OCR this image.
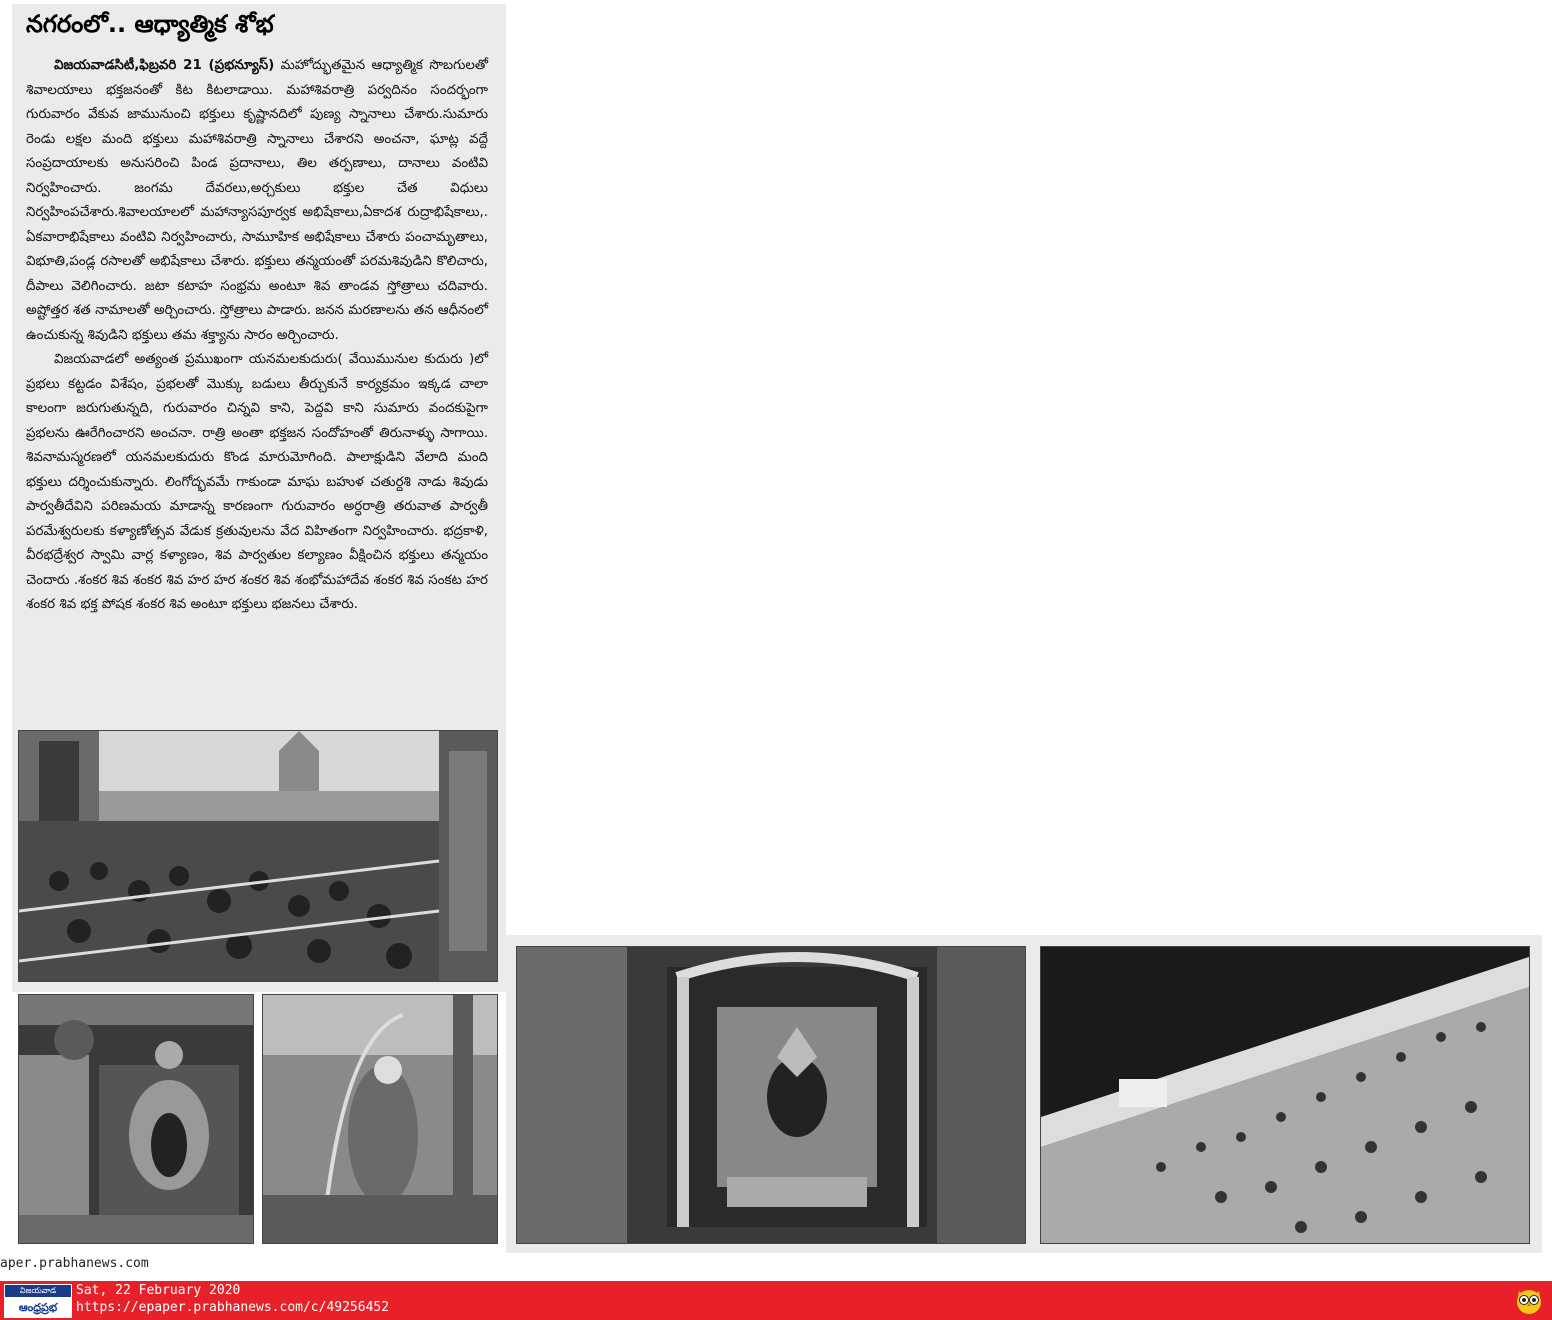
నగరంలో.. ఆధ్యాత్మిక శోభ

విజయవాడసిటీ,ఫిబ్రవరి 21 (ప్రభన్యూస్) మహోద్భుతమైన ఆధ్యాత్మిక సొబగులతో శివాలయాలు భక్తజనంతో కిట కిటలాడాయి. మహాశివరాత్రి పర్వదినం సందర్భంగా గురువారం వేకువ జామునుంచి భక్తులు కృష్ణానదిలో పుణ్య స్నానాలు చేశారు.సుమారు రెండు లక్షల మంది భక్తులు మహాశివరాత్రి స్నానాలు చేశారని అంచనా, ఘాట్ల వద్దే సంప్రదాయాలకు అనుసరించి పిండ ప్రదానాలు, తిల తర్పణాలు, దానాలు వంటివి నిర్వహించారు. జంగమ దేవరలు,అర్చకులు భక్తుల చేత విధులు నిర్వహింపచేశారు.శివాలయాలలో మహాన్యాసపూర్వక అభిషేకాలు,ఏకాదశ రుద్రాభిషేకాలు,. ఏకవారాభిషేకాలు వంటివి నిర్వహించారు, సామూహిక అభిషేకాలు చేశారు పంచామృతాలు, విభూతి,పండ్ల రసాలతో అభిషేకాలు చేశారు. భక్తులు తన్మయంతో పరమశివుడిని కొలిచారు, దీపాలు వెలిగించారు. జటా కటాహ సంభ్రమ అంటూ శివ తాండవ స్తోత్రాలు చదివారు. అష్టోత్తర శత నామాలతో అర్చించారు. స్తోత్రాలు పాడారు. జనన మరణాలను తన ఆధీనంలో ఉంచుకున్న శివుడిని భక్తులు తమ శక్త్యాను సారం అర్చించారు.

విజయవాడలో అత్యంత ప్రముఖంగా యనమలకుదురు( వేయిమునుల కుదురు )లో ప్రభలు కట్టడం విశేషం, ప్రభలతో మొక్కు బడులు తీర్చుకునే కార్యక్రమం ఇక్కడ చాలా కాలంగా జరుగుతున్నది, గురువారం చిన్నవి కాని, పెద్దవి కాని సుమారు వందకుపైగా ప్రభలను ఊరేగించారని అంచనా. రాత్రి అంతా భక్తజన సందోహంతో తిరునాళ్ళు సాగాయి. శివనామస్మరణలో యనమలకుదురు కొండ మారుమోగింది. పాలాక్షుడిని వేలాది మంది భక్తులు దర్శించుకున్నారు. లింగోద్భవమే గాకుండా మాఘ బహుళ చతుర్దశి నాడు శివుడు పార్వతీదేవిని పరిణమయ మాడాన్న కారణంగా గురువారం అర్ధరాత్రి తరువాత పార్వతీ పరమేశ్వరులకు కళ్యాణోత్సవ వేడుక క్రతువులను వేద విహితంగా నిర్వహించారు. భద్రకాళి, వీరభద్రేశ్వర స్వామి వార్ల కళ్యాణం, శివ పార్వతుల కల్యాణం వీక్షించిన భక్తులు తన్మయం చెందారు .శంకర శివ శంకర శివ హర హర శంకర శివ శంభోమహాదేవ శంకర శివ సంకట హర శంకర శివ భక్త పోషక శంకర శివ అంటూ భక్తులు భజనలు చేశారు.

aper.prabhanews.com
విజయవాడ
ఆంధ్రప్రభ
Sat, 22 February 2020
https://epaper.prabhanews.com/c/49256452
